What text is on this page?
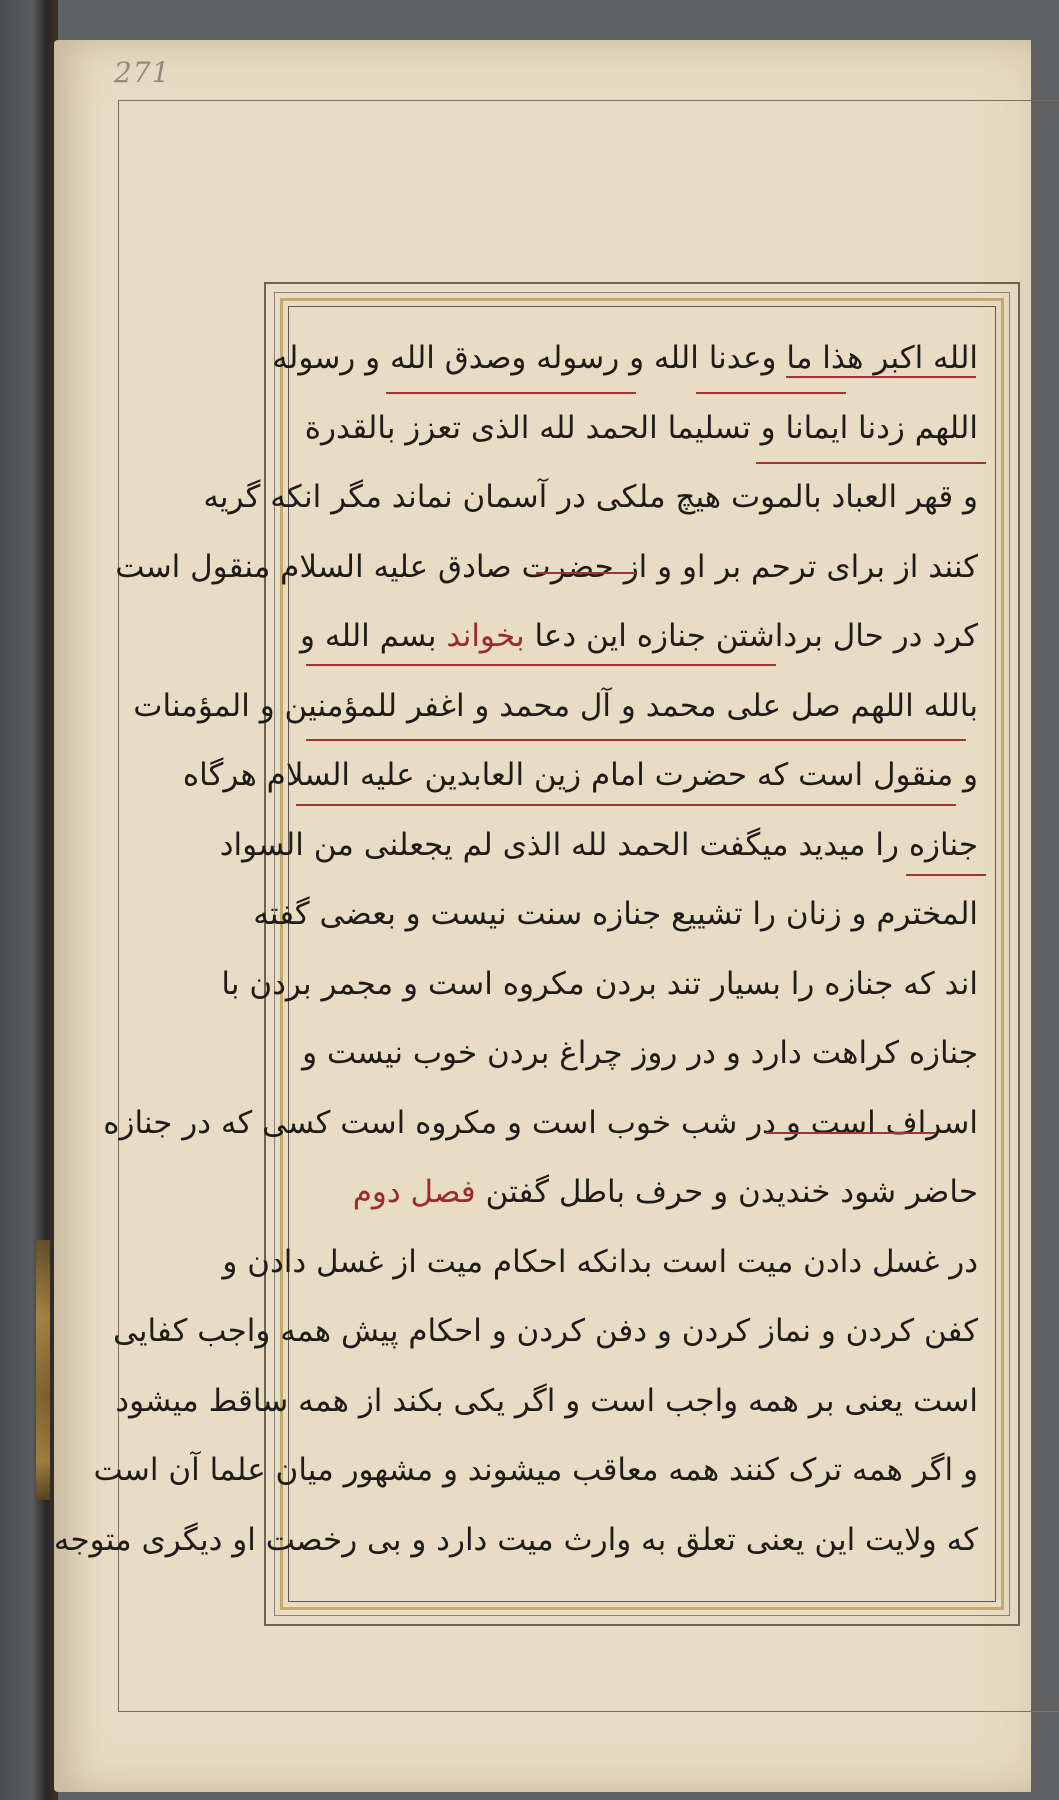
271
الله اکبر هذا ما وعدنا الله و رسوله وصدق الله و رسوله
اللهم زدنا ایمانا و تسلیما الحمد لله الذی تعزز بالقدرة
و قهر العباد بالموت هیچ ملکی در آسمان نماند مگر انکه گریه
کنند از برای ترحم بر او و از حضرت صادق علیه السلام منقول است
کرد در حال برداشتن جنازه این دعا بخواند بسم الله و
بالله اللهم صل علی محمد و آل محمد و اغفر للمؤمنین و المؤمنات
و منقول است که حضرت امام زین العابدین علیه السلام هرگاه
جنازه را میدید میگفت الحمد لله الذی لم یجعلنی من السواد
المخترم و زنان را تشییع جنازه سنت نیست و بعضی گفته
اند که جنازه را بسیار تند بردن مکروه است و مجمر بردن با
جنازه کراهت دارد و در روز چراغ بردن خوب نیست و
اسراف است و در شب خوب است و مکروه است کسی که در جنازه
حاضر شود خندیدن و حرف باطل گفتن فصل دوم
در غسل دادن میت است بدانکه احکام میت از غسل دادن و
کفن کردن و نماز کردن و دفن کردن و احکام پیش همه واجب کفایی
است یعنی بر همه واجب است و اگر یکی بکند از همه ساقط میشود
و اگر همه ترک کنند همه معاقب میشوند و مشهور میان علما آن است
که ولایت این یعنی تعلق به وارث میت دارد و بی رخصت او دیگری متوجه
